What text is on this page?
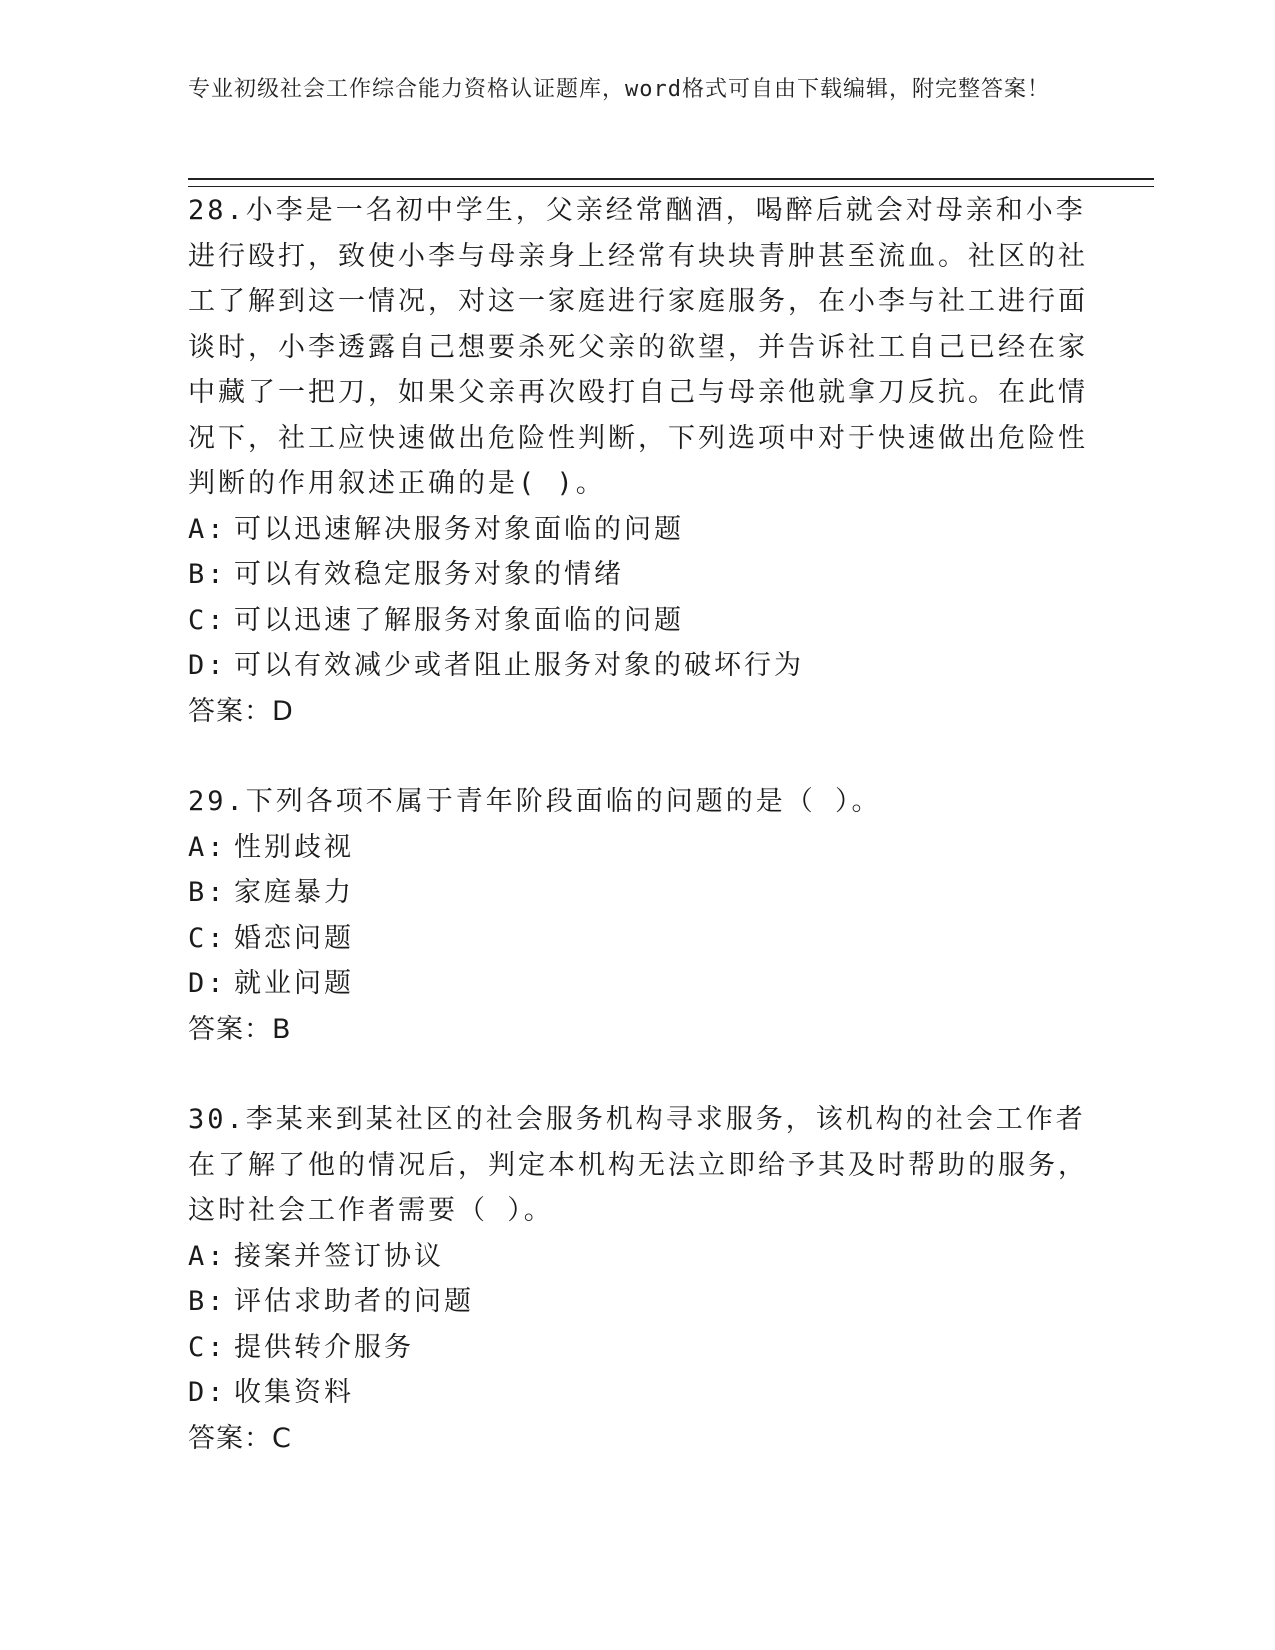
专业初级社会工作综合能力资格认证题库，word格式可自由下载编辑，附完整答案！

28.小李是一名初中学生，父亲经常酗酒，喝醉后就会对母亲和小李进行殴打，致使小李与母亲身上经常有块块青肿甚至流血。社区的社工了解到这一情况，对这一家庭进行家庭服务，在小李与社工进行面谈时，小李透露自己想要杀死父亲的欲望，并告诉社工自己已经在家中藏了一把刀，如果父亲再次殴打自己与母亲他就拿刀反抗。在此情况下，社工应快速做出危险性判断，下列选项中对于快速做出危险性判断的作用叙述正确的是( )。

A: 可以迅速解决服务对象面临的问题

B: 可以有效稳定服务对象的情绪

C: 可以迅速了解服务对象面临的问题

D: 可以有效减少或者阻止服务对象的破坏行为

答案：D

29.下列各项不属于青年阶段面临的问题的是（ ）。

A: 性别歧视

B: 家庭暴力

C: 婚恋问题

D: 就业问题

答案：B

30.李某来到某社区的社会服务机构寻求服务，该机构的社会工作者在了解了他的情况后，判定本机构无法立即给予其及时帮助的服务，这时社会工作者需要（ ）。

A: 接案并签订协议

B: 评估求助者的问题

C: 提供转介服务

D: 收集资料

答案：C
